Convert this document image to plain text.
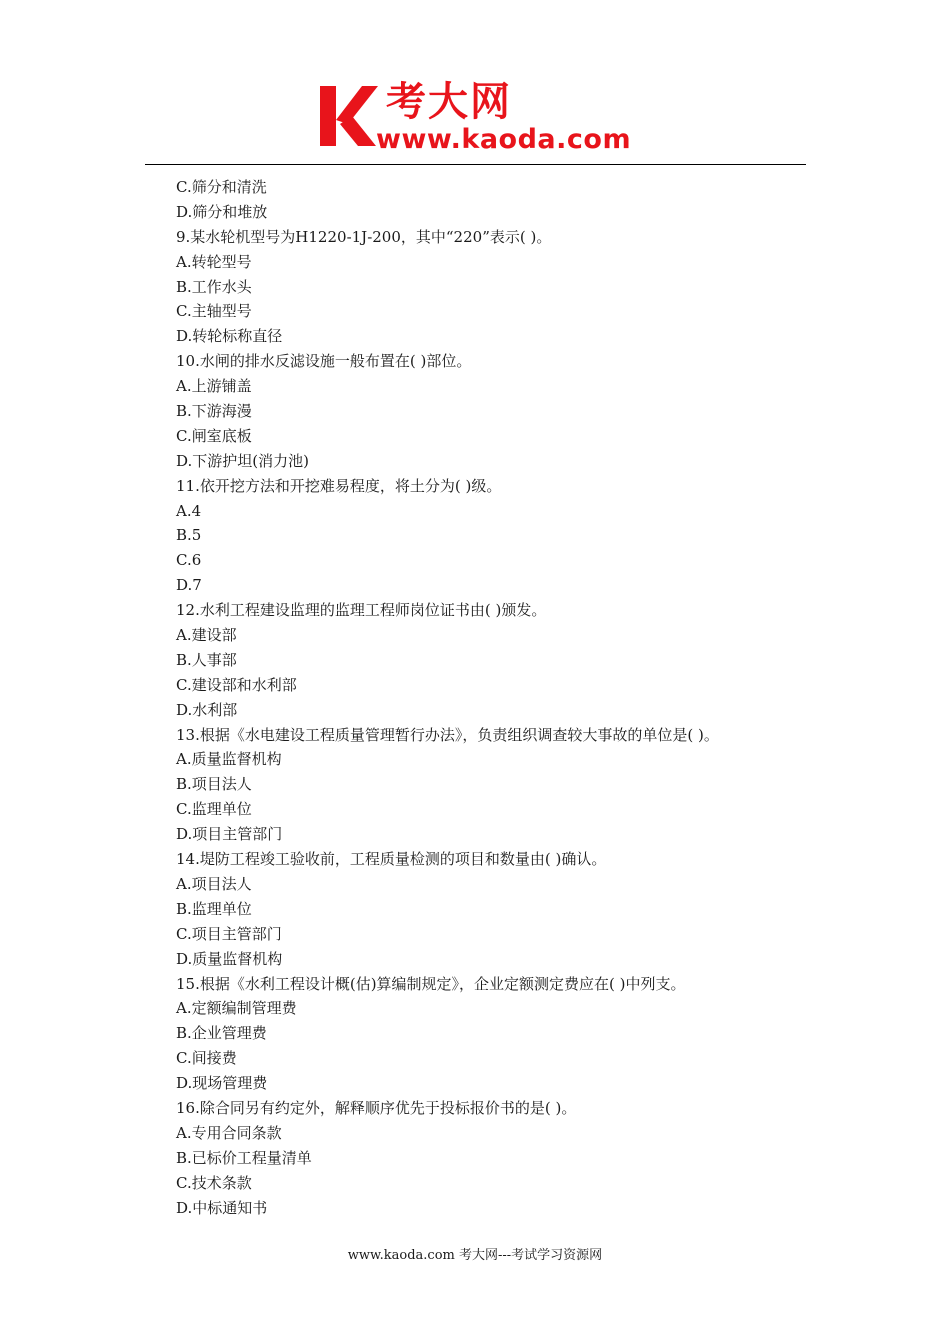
考大网
www.kaoda.com
C.筛分和清洗
D.筛分和堆放
9.某水轮机型号为H1220-1J-200，其中“220”表示( )。
A.转轮型号
B.工作水头
C.主轴型号
D.转轮标称直径
10.水闸的排水反滤设施一般布置在( )部位。
A.上游铺盖
B.下游海漫
C.闸室底板
D.下游护坦(消力池)
11.依开挖方法和开挖难易程度，将土分为( )级。
A.4
B.5
C.6
D.7
12.水利工程建设监理的监理工程师岗位证书由( )颁发。
A.建设部
B.人事部
C.建设部和水利部
D.水利部
13.根据《水电建设工程质量管理暂行办法》，负责组织调查较大事故的单位是( )。
A.质量监督机构
B.项目法人
C.监理单位
D.项目主管部门
14.堤防工程竣工验收前，工程质量检测的项目和数量由( )确认。
A.项目法人
B.监理单位
C.项目主管部门
D.质量监督机构
15.根据《水利工程设计概(估)算编制规定》，企业定额测定费应在( )中列支。
A.定额编制管理费
B.企业管理费
C.间接费
D.现场管理费
16.除合同另有约定外，解释顺序优先于投标报价书的是( )。
A.专用合同条款
B.已标价工程量清单
C.技术条款
D.中标通知书
www.kaoda.com 考大网---考试学习资源网
